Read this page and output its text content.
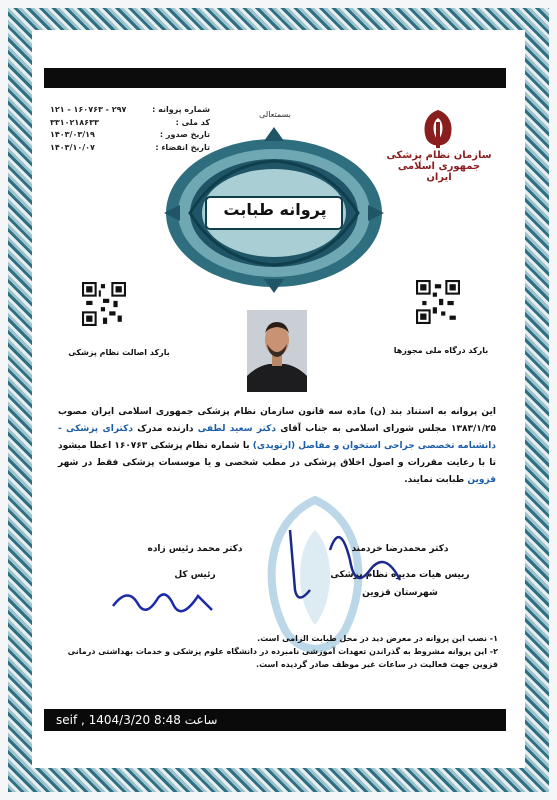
شماره پروانه :
۱۲۱ - ۱۶۰۷۶۳ - ۲۹۷
کد ملی :
۳۳۱۰۲۱۸۶۳۳
تاریخ صدور :
۱۴۰۳/۰۳/۱۹
تاریخ انقضاء :
۱۴۰۳/۱۰/۰۷
بسمتعالی
پروانه طبابت
سازمان نظام پزشکی جمهوری اسلامی ایران
بارکد اصالت نظام پزشکی	بارکد درگاه ملی مجوزها
این پروانه به استناد بند (ن) ماده سه قانون سازمان نظام پزشکی جمهوری اسلامی ایران مصوب ۱۳۸۳/۱/۲۵ مجلس شورای اسلامی به جناب آقای دکتر سعید لطفی دارنده مدرک دکترای پزشکی - دانشنامه تخصصی جراحی استخوان و مفاصل (ارتوپدی) با شماره نظام پزشکی ۱۶۰۷۶۳ اعطا میشود تا با رعایت مقررات و اصول اخلاق پزشکی در مطب شخصی و یا موسسات پزشکی فقط در شهر قزوین طبابت نمایند.
دکتر محمد رئیس زاده
رئیس کل
دکتر محمدرضا خردمند
رییس هیات مدیره نظام پزشکی
شهرستان قزوین
۱- نصب این پروانه در معرض دید در محل طبابت الزامی است.
۲- این پروانه مشروط به گذراندن تعهدات آموزشی نامبرده در دانشگاه علوم پزشکی و خدمات بهداشتی درمانی قزوین جهت فعالیت در ساعات غیر موظف صادر گردیده است.
seif , 1404/3/20 8:48 ساعت
